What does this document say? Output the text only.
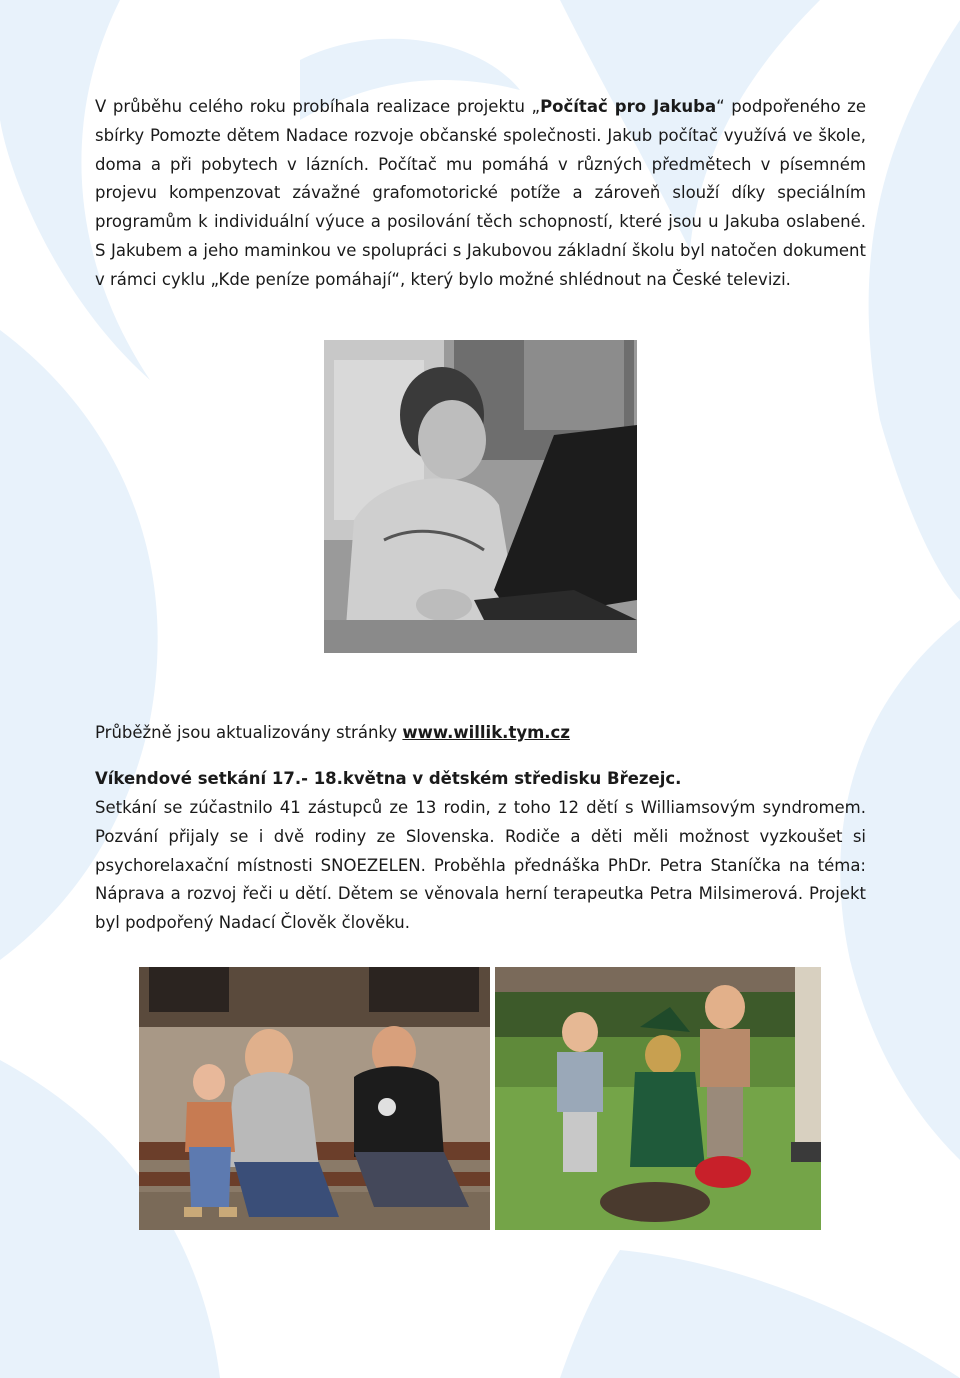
V průběhu celého roku probíhala realizace projektu „Počítač pro Jakuba“ podpořeného ze sbírky Pomozte dětem Nadace rozvoje občanské společnosti. Jakub počítač využívá ve škole, doma a při pobytech v lázních. Počítač mu pomáhá v různých předmětech v písemném projevu kompenzovat závažné grafomotorické potíže a zároveň slouží díky speciálním programům k individuální výuce a posilování těch schopností, které jsou u Jakuba oslabené. S Jakubem a jeho maminkou ve spolupráci s Jakubovou základní školu byl natočen dokument v rámci cyklu „Kde peníze pomáhají“, který bylo možné shlédnout na České televizi.

Průběžně jsou aktualizovány stránky www.willik.tym.cz

Víkendové setkání 17.- 18.května v dětském středisku Březejc.

Setkání se zúčastnilo 41 zástupců ze 13 rodin, z toho 12 dětí s Williamsovým syndromem. Pozvání přijaly se i dvě rodiny ze Slovenska. Rodiče a děti měli možnost vyzkoušet si psychorelaxační místnosti SNOEZELEN. Proběhla přednáška PhDr. Petra Staníčka na téma: Náprava a rozvoj řeči u dětí. Dětem se věnovala herní terapeutka Petra Milsimerová. Projekt byl podpořený Nadací Člověk člověku.
